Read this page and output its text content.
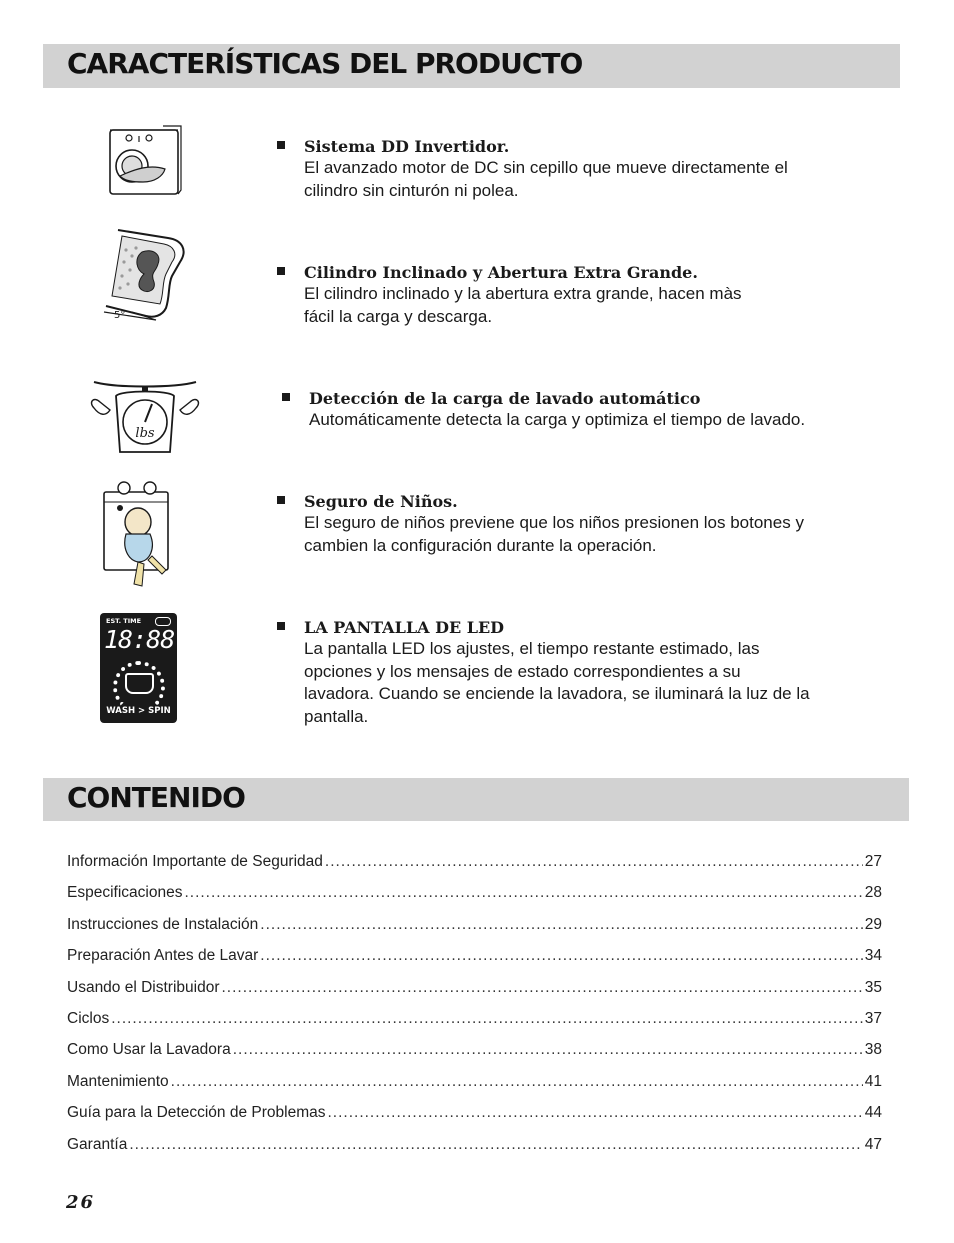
CARACTERÍSTICAS DEL PRODUCTO

Sistema DD Invertidor.

El avanzado motor de DC sin cepillo que mueve directamente el
cilindro sin cinturón ni polea.

5°

Cilindro Inclinado y Abertura Extra Grande.

El cilindro inclinado y la abertura extra grande, hacen màs
fácil la carga y descarga.

lbs

Detección de la carga de lavado automático

Automáticamente detecta la carga y optimiza el tiempo de lavado.

Seguro de Niños.

El seguro de niños previene que los niños presionen los botones y
cambien la configuración durante la operación.

EST. TIME
18:88
WASH > SPIN

LA PANTALLA DE LED

La pantalla LED los ajustes, el tiempo restante estimado, las
opciones y los mensajes de estado correspondientes a su
lavadora. Cuando se enciende la lavadora, se iluminará la luz de la
pantalla.

CONTENIDO
Información Importante de Seguridad .....	27
Especificaciones .....	28
Instrucciones de Instalación .....	29
Preparación Antes de Lavar .....	34
Usando el Distribuidor .....	35
Ciclos .....	37
Como Usar la Lavadora .....	38
Mantenimiento .....	41
Guía para la Detección de Problemas .....	44
Garantía .....	47
26
